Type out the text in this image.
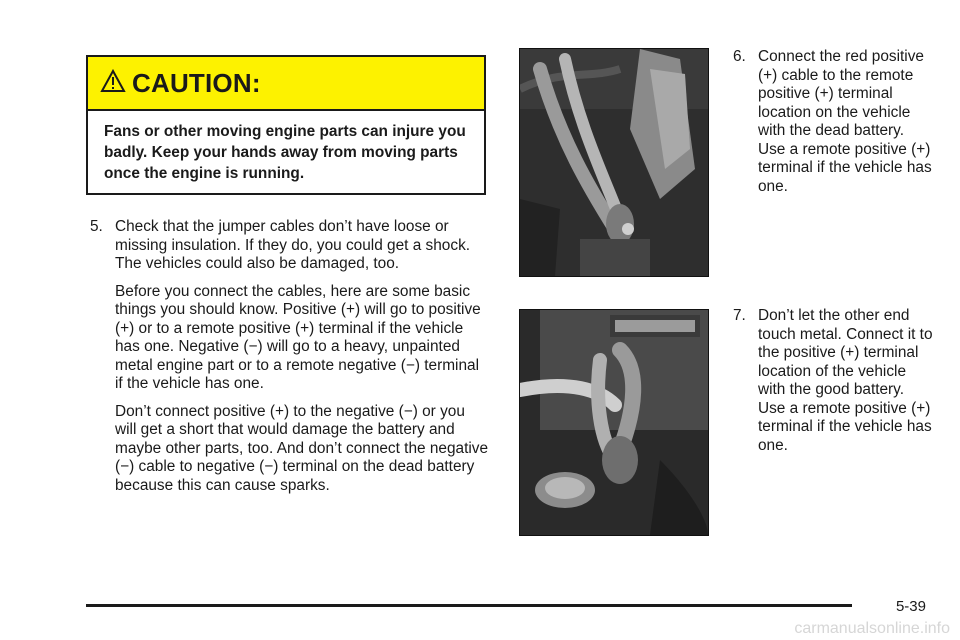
CAUTION:
Fans or other moving engine parts can injure you badly. Keep your hands away from moving parts once the engine is running.
5. Check that the jumper cables don’t have loose or missing insulation. If they do, you could get a shock. The vehicles could also be damaged, too.
Before you connect the cables, here are some basic things you should know. Positive (+) will go to positive (+) or to a remote positive (+) terminal if the vehicle has one. Negative (−) will go to a heavy, unpainted metal engine part or to a remote negative (−) terminal if the vehicle has one.
Don’t connect positive (+) to the negative (−) or you will get a short that would damage the battery and maybe other parts, too. And don’t connect the negative (−) cable to negative (−) terminal on the dead battery because this can cause sparks.
6. Connect the red positive (+) cable to the remote positive (+) terminal location on the vehicle with the dead battery. Use a remote positive (+) terminal if the vehicle has one.
7. Don’t let the other end touch metal. Connect it to the positive (+) terminal location of the vehicle with the good battery. Use a remote positive (+) terminal if the vehicle has one.
5-39
carmanualsonline.info
